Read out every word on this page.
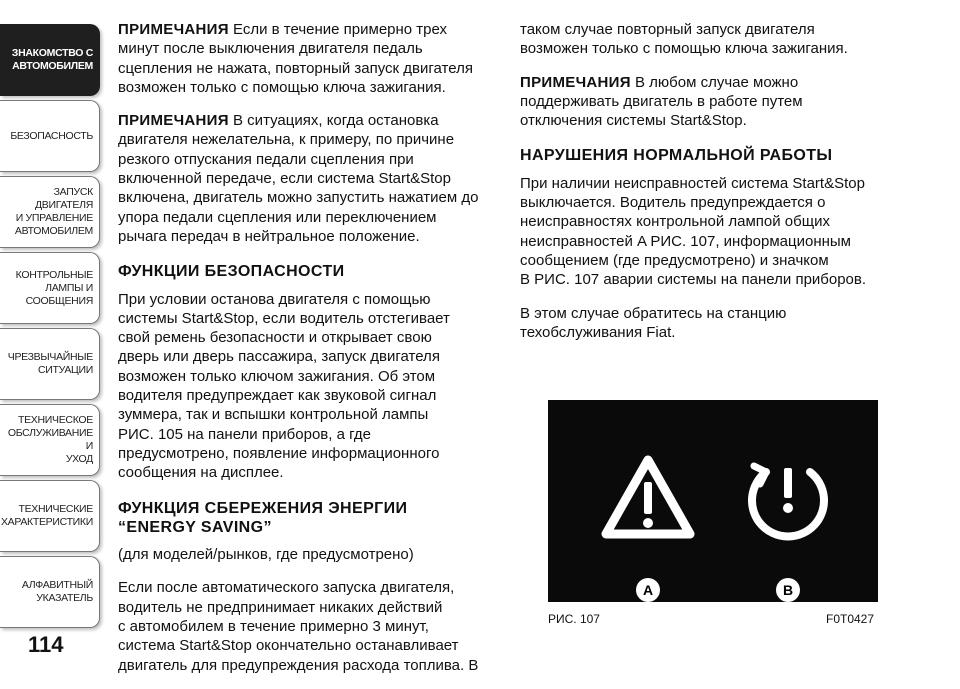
ЗНАКОМСТВО С
АВТОМОБИЛЕМ
БЕЗОПАСНОСТЬ
ЗАПУСК ДВИГАТЕЛЯ
И УПРАВЛЕНИЕ
АВТОМОБИЛЕМ
КОНТРОЛЬНЫЕ
ЛАМПЫ И
СООБЩЕНИЯ
ЧРЕЗВЫЧАЙНЫЕ
СИТУАЦИИ
ТЕХНИЧЕСКОЕ
ОБСЛУЖИВАНИЕ И
УХОД
ТЕХНИЧЕСКИЕ
ХАРАКТЕРИСТИКИ
АЛФАВИТНЫЙ
УКАЗАТЕЛЬ
114

ПРИМЕЧАНИЯ Если в течение примерно трех
минут после выключения двигателя педаль
сцепления не нажата, повторный запуск двигателя
возможен только с помощью ключа зажигания.

ПРИМЕЧАНИЯ В ситуациях, когда остановка
двигателя нежелательна, к примеру, по причине
резкого отпускания педали сцепления при
включенной передаче, если система Start&Stop
включена, двигатель можно запустить нажатием до
упора педали сцепления или переключением
рычага передач в нейтральное положение.

ФУНКЦИИ БЕЗОПАСНОСТИ

При условии останова двигателя с помощью
системы Start&Stop, если водитель отстегивает
свой ремень безопасности и открывает свою
дверь или дверь пассажира, запуск двигателя
возможен только ключом зажигания. Об этом
водителя предупреждает как звуковой сигнал
зуммера, так и вспышки контрольной лампы
РИС. 105 на панели приборов, а где
предусмотрено, появление информационного
сообщения на дисплее.

ФУНКЦИЯ СБЕРЕЖЕНИЯ ЭНЕРГИИ
“ENERGY SAVING”

(для моделей/рынков, где предусмотрено)

Если после автоматического запуска двигателя,
водитель не предпринимает никаких действий
с автомобилем в течение примерно 3 минут,
система Start&Stop окончательно останавливает
двигатель для предупреждения расхода топлива. В

таком случае повторный запуск двигателя
возможен только с помощью ключа зажигания.

ПРИМЕЧАНИЯ В любом случае можно
поддерживать двигатель в работе путем
отключения системы Start&Stop.

НАРУШЕНИЯ НОРМАЛЬНОЙ РАБОТЫ

При наличии неисправностей система Start&Stop
выключается. Водитель предупреждается о
неисправностях контрольной лампой общих
неисправностей A РИС. 107, информационным
сообщением (где предусмотрено) и значком
B РИС. 107 аварии системы на панели приборов.

В этом случае обратитесь на станцию
техобслуживания Fiat.

A	B
РИС. 107	F0T0427
